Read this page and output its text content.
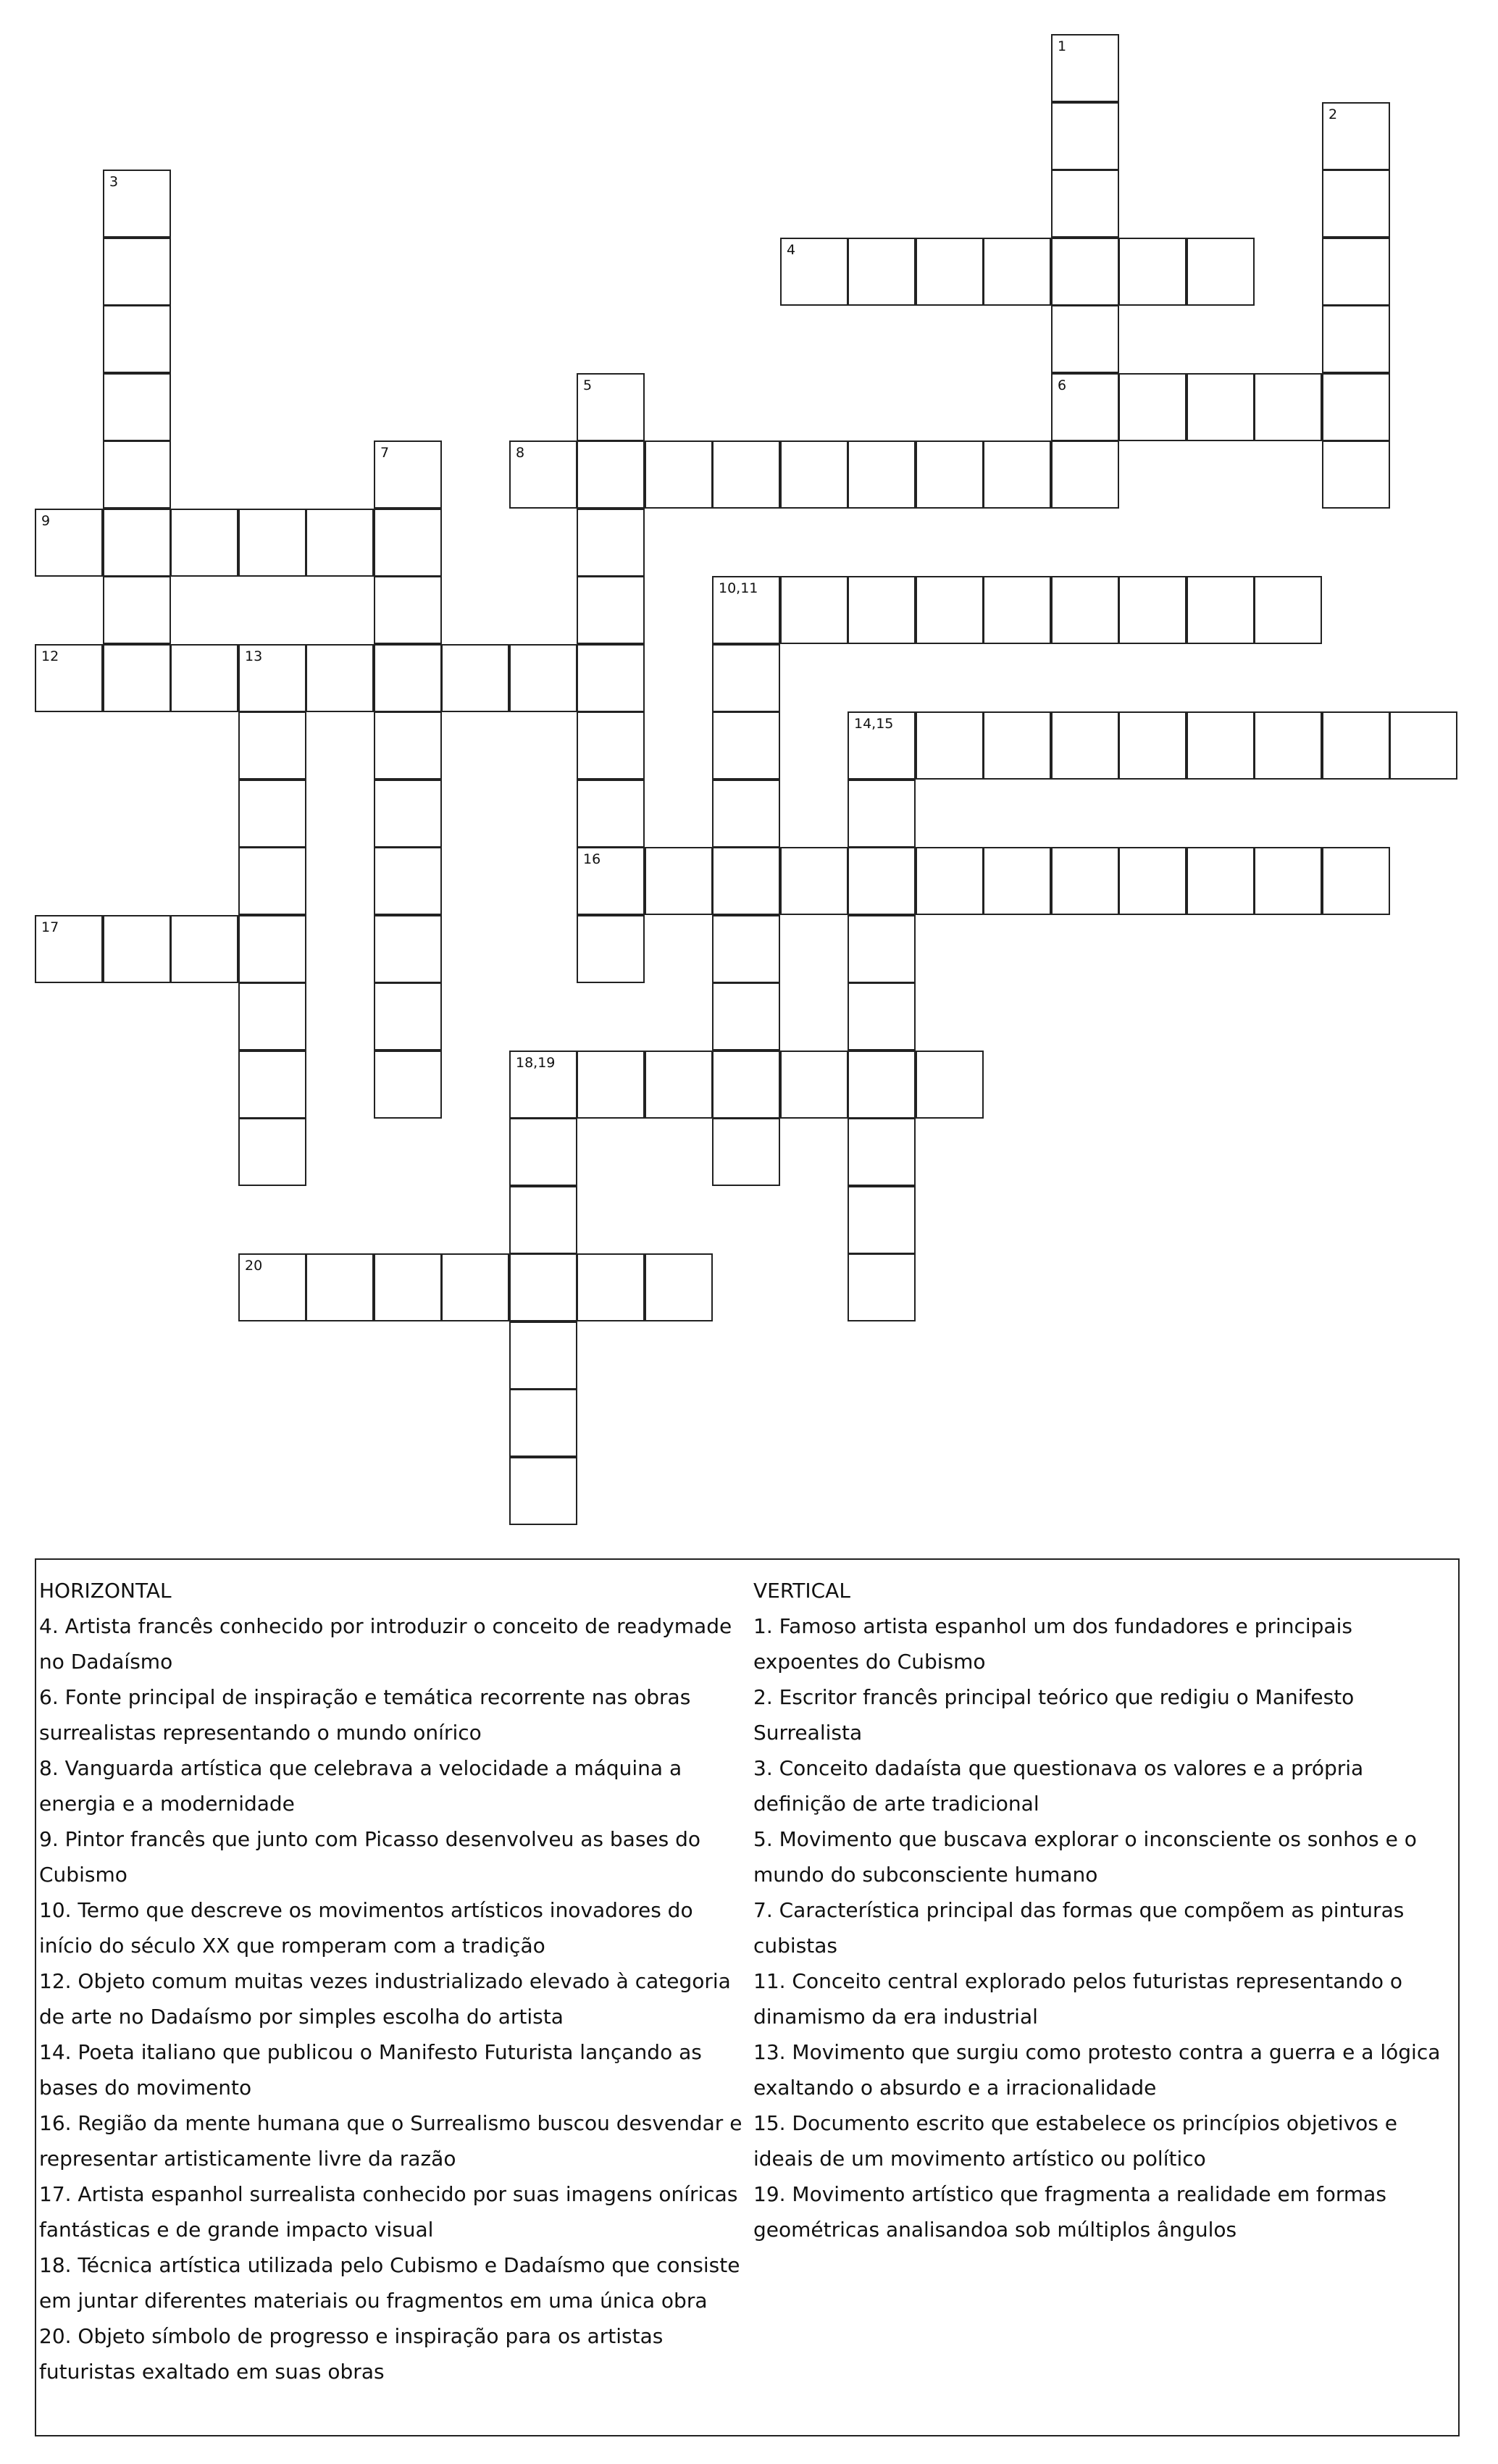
4
6
8
9
10,11
12	13
14,15
16
17
18,19
20
1
2
3
5
7

HORIZONTAL

4. Artista francês conhecido por introduzir o conceito de readymade no Dadaísmo

6. Fonte principal de inspiração e temática recorrente nas obras surrealistas representando o mundo onírico

8. Vanguarda artística que celebrava a velocidade a máquina a energia e a modernidade

9. Pintor francês que junto com Picasso desenvolveu as bases do Cubismo

10. Termo que descreve os movimentos artísticos inovadores do início do século XX que romperam com a tradição

12. Objeto comum muitas vezes industrializado elevado à categoria de arte no Dadaísmo por simples escolha do artista

14. Poeta italiano que publicou o Manifesto Futurista lançando as bases do movimento

16. Região da mente humana que o Surrealismo buscou desvendar e representar artisticamente livre da razão

17. Artista espanhol surrealista conhecido por suas imagens oníricas fantásticas e de grande impacto visual

18. Técnica artística utilizada pelo Cubismo e Dadaísmo que consiste em juntar diferentes materiais ou fragmentos em uma única obra

20. Objeto símbolo de progresso e inspiração para os artistas futuristas exaltado em suas obras

VERTICAL

1. Famoso artista espanhol um dos fundadores e principais expoentes do Cubismo

2. Escritor francês principal teórico que redigiu o Manifesto Surrealista

3. Conceito dadaísta que questionava os valores e a própria definição de arte tradicional

5. Movimento que buscava explorar o inconsciente os sonhos e o mundo do subconsciente humano

7. Característica principal das formas que compõem as pinturas cubistas

11. Conceito central explorado pelos futuristas representando o dinamismo da era industrial

13. Movimento que surgiu como protesto contra a guerra e a lógica exaltando o absurdo e a irracionalidade

15. Documento escrito que estabelece os princípios objetivos e ideais de um movimento artístico ou político

19. Movimento artístico que fragmenta a realidade em formas geométricas analisandoa sob múltiplos ângulos
